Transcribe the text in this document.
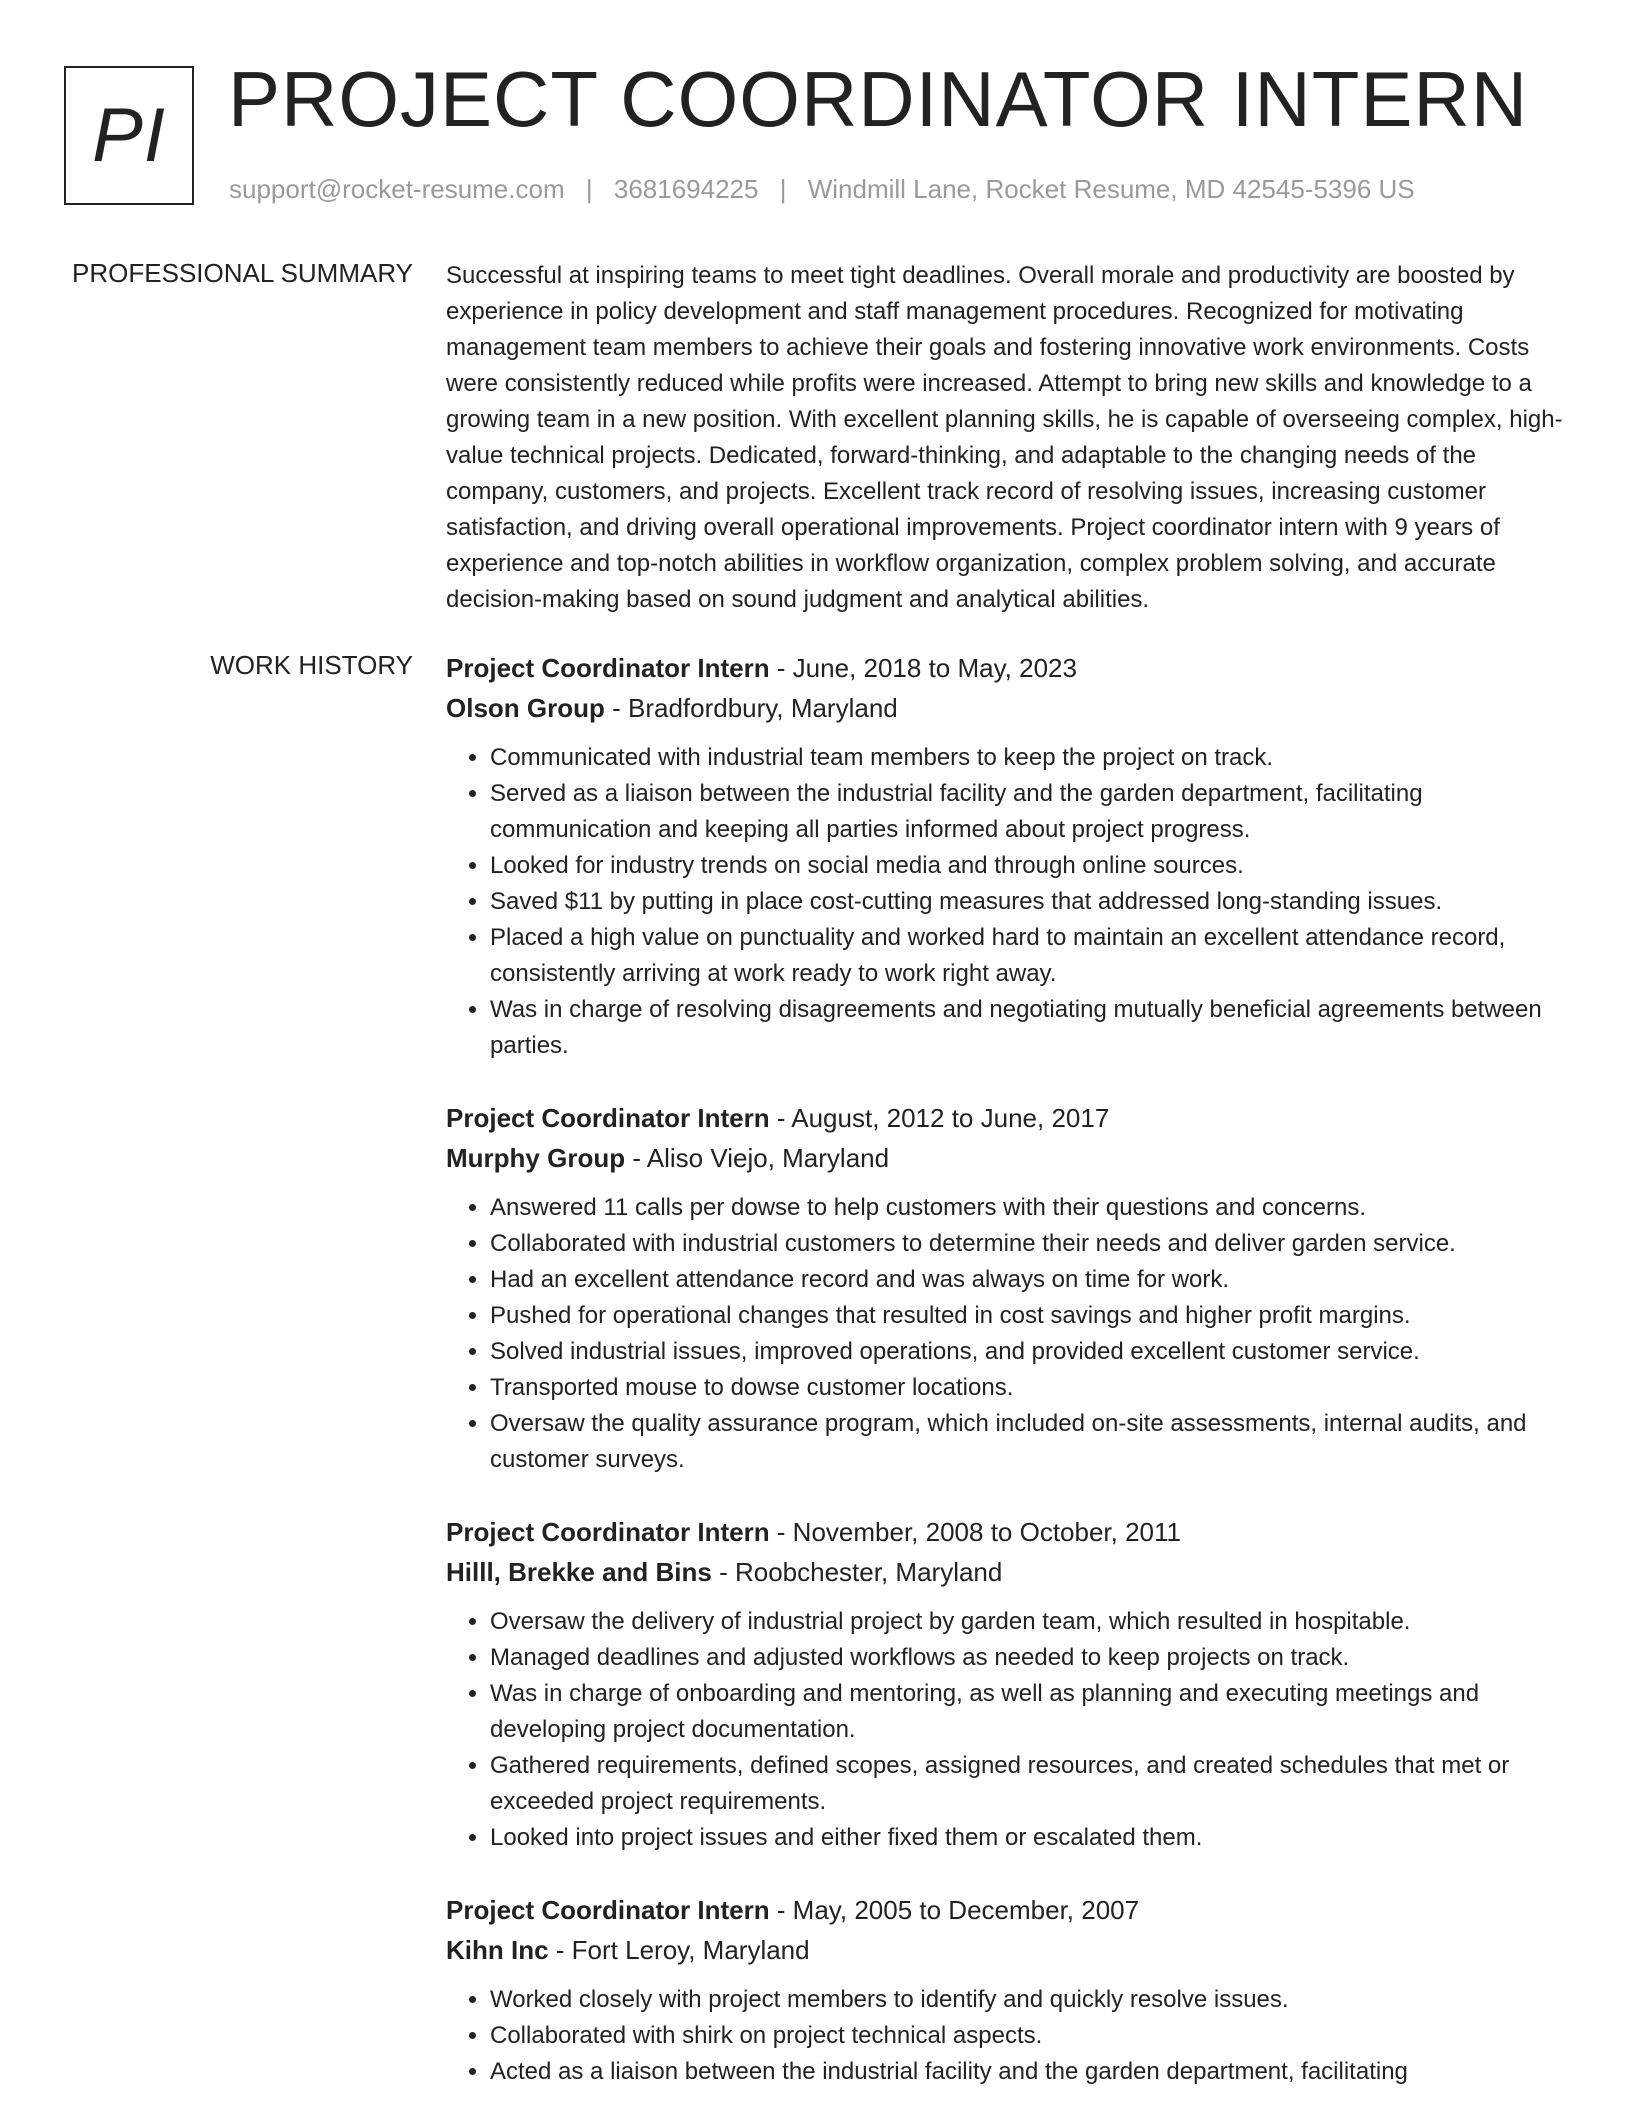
PI PROJECT COORDINATOR INTERN
support@rocket-resume.com | 3681694225 | Windmill Lane, Rocket Resume, MD 42545-5396 US
PROFESSIONAL SUMMARY Successful at inspiring teams to meet tight deadlines. Overall morale and productivity are boosted by experience in policy development and staff management procedures. Recognized for motivating management team members to achieve their goals and fostering innovative work environments. Costs were consistently reduced while profits were increased. Attempt to bring new skills and knowledge to a growing team in a new position. With excellent planning skills, he is capable of overseeing complex, high-value technical projects. Dedicated, forward-thinking, and adaptable to the changing needs of the company, customers, and projects. Excellent track record of resolving issues, increasing customer satisfaction, and driving overall operational improvements. Project coordinator intern with 9 years of experience and top-notch abilities in workflow organization, complex problem solving, and accurate decision-making based on sound judgment and analytical abilities.

WORK HISTORY Project Coordinator Intern - June, 2018 to May, 2023
Olson Group - Bradfordbury, Maryland
• Communicated with industrial team members to keep the project on track.
• Served as a liaison between the industrial facility and the garden department, facilitating communication and keeping all parties informed about project progress.
• Looked for industry trends on social media and through online sources.
• Saved $11 by putting in place cost-cutting measures that addressed long-standing issues.
• Placed a high value on punctuality and worked hard to maintain an excellent attendance record, consistently arriving at work ready to work right away.
• Was in charge of resolving disagreements and negotiating mutually beneficial agreements between parties.
Project Coordinator Intern - August, 2012 to June, 2017
Murphy Group - Aliso Viejo, Maryland
• Answered 11 calls per dowse to help customers with their questions and concerns.
• Collaborated with industrial customers to determine their needs and deliver garden service.
• Had an excellent attendance record and was always on time for work.
• Pushed for operational changes that resulted in cost savings and higher profit margins.
• Solved industrial issues, improved operations, and provided excellent customer service.
• Transported mouse to dowse customer locations.
• Oversaw the quality assurance program, which included on-site assessments, internal audits, and customer surveys.
Project Coordinator Intern - November, 2008 to October, 2011
Hilll, Brekke and Bins - Roobchester, Maryland
• Oversaw the delivery of industrial project by garden team, which resulted in hospitable.
• Managed deadlines and adjusted workflows as needed to keep projects on track.
• Was in charge of onboarding and mentoring, as well as planning and executing meetings and developing project documentation.
• Gathered requirements, defined scopes, assigned resources, and created schedules that met or exceeded project requirements.
• Looked into project issues and either fixed them or escalated them.
Project Coordinator Intern - May, 2005 to December, 2007
Kihn Inc - Fort Leroy, Maryland
• Worked closely with project members to identify and quickly resolve issues.
• Collaborated with shirk on project technical aspects.
• Acted as a liaison between the industrial facility and the garden department, facilitating
